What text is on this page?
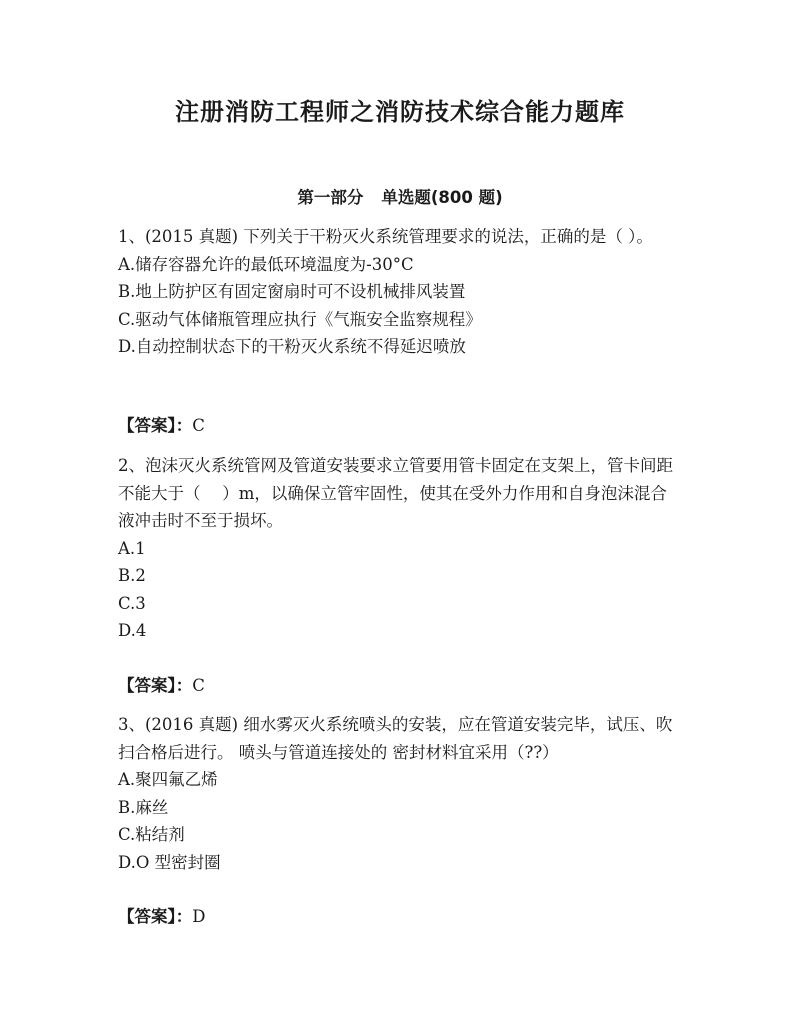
注册消防工程师之消防技术综合能力题库
第一部分 单选题(800 题)

1、(2015 真题) 下列关于干粉灭火系统管理要求的说法，正确的是（ ）。

A.储存容器允许的最低环境温度为-30°C

B.地上防护区有固定窗扇时可不设机械排风装置

C.驱动气体储瓶管理应执行《气瓶安全监察规程》

D.自动控制状态下的干粉灭火系统不得延迟喷放

【答案】：C

2、泡沫灭火系统管网及管道安装要求立管要用管卡固定在支架上，管卡间距不能大于（　 ）m，以确保立管牢固性，使其在受外力作用和自身泡沫混合液冲击时不至于损坏。

A.1

B.2

C.3

D.4

【答案】：C

3、(2016 真题) 细水雾灭火系统喷头的安装，应在管道安装完毕，试压、吹扫合格后进行。 喷头与管道连接处的 密封材料宜采用（??）

A.聚四氟乙烯

B.麻丝

C.粘结剂

D.O 型密封圈

【答案】：D
